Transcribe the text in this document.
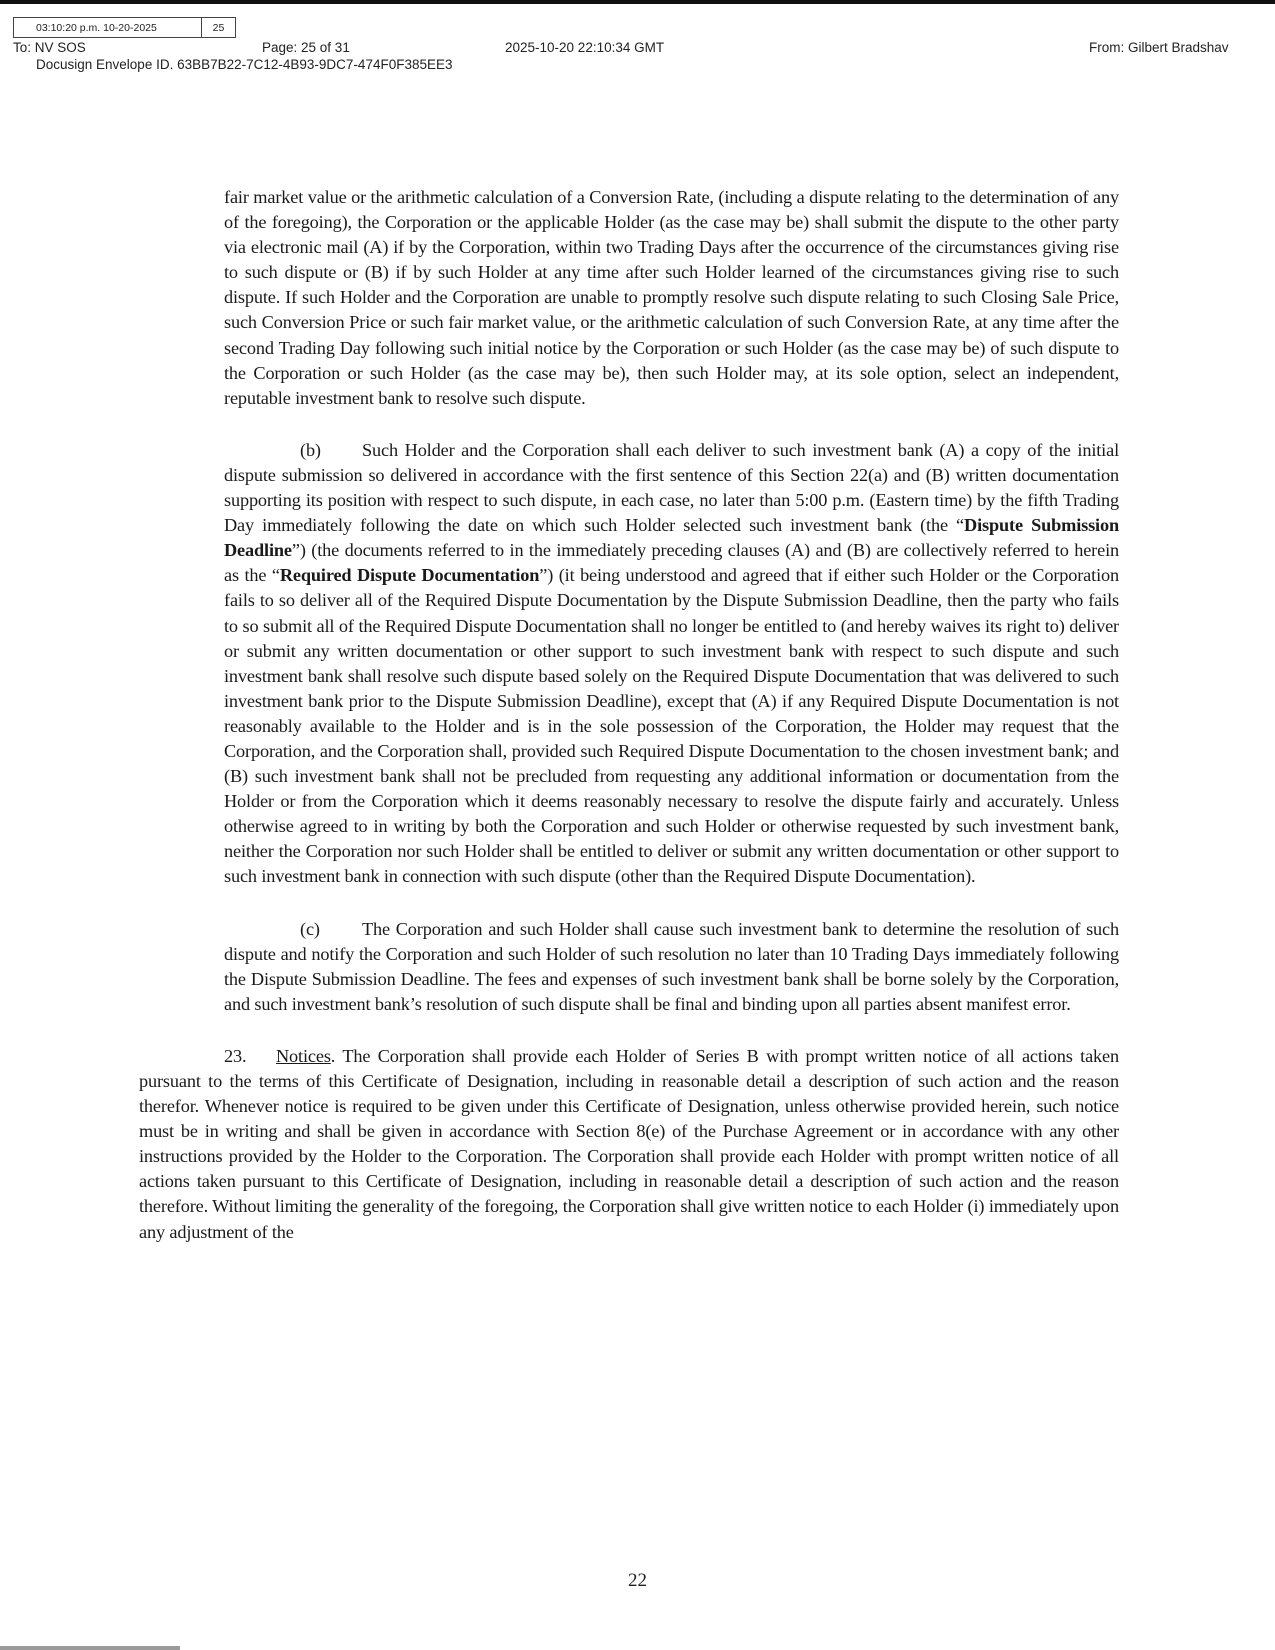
03:10:20 p.m. 10-20-2025	25
To: NV SOS	Page: 25 of 31	2025-10-20 22:10:34 GMT	From: Gilbert Bradshav
Docusign Envelope ID. 63BB7B22-7C12-4B93-9DC7-474F0F385EE3

fair market value or the arithmetic calculation of a Conversion Rate, (including a dispute relating to the determination of any of the foregoing), the Corporation or the applicable Holder (as the case may be) shall submit the dispute to the other party via electronic mail (A) if by the Corporation, within two Trading Days after the occurrence of the circumstances giving rise to such dispute or (B) if by such Holder at any time after such Holder learned of the circumstances giving rise to such dispute. If such Holder and the Corporation are unable to promptly resolve such dispute relating to such Closing Sale Price, such Conversion Price or such fair market value, or the arithmetic calculation of such Conversion Rate, at any time after the second Trading Day following such initial notice by the Corporation or such Holder (as the case may be) of such dispute to the Corporation or such Holder (as the case may be), then such Holder may, at its sole option, select an independent, reputable investment bank to resolve such dispute.

(b) Such Holder and the Corporation shall each deliver to such investment bank (A) a copy of the initial dispute submission so delivered in accordance with the first sentence of this Section 22(a) and (B) written documentation supporting its position with respect to such dispute, in each case, no later than 5:00 p.m. (Eastern time) by the fifth Trading Day immediately following the date on which such Holder selected such investment bank (the “Dispute Submission Deadline”) (the documents referred to in the immediately preceding clauses (A) and (B) are collectively referred to herein as the “Required Dispute Documentation”) (it being understood and agreed that if either such Holder or the Corporation fails to so deliver all of the Required Dispute Documentation by the Dispute Submission Deadline, then the party who fails to so submit all of the Required Dispute Documentation shall no longer be entitled to (and hereby waives its right to) deliver or submit any written documentation or other support to such investment bank with respect to such dispute and such investment bank shall resolve such dispute based solely on the Required Dispute Documentation that was delivered to such investment bank prior to the Dispute Submission Deadline), except that (A) if any Required Dispute Documentation is not reasonably available to the Holder and is in the sole possession of the Corporation, the Holder may request that the Corporation, and the Corporation shall, provided such Required Dispute Documentation to the chosen investment bank; and (B) such investment bank shall not be precluded from requesting any additional information or documentation from the Holder or from the Corporation which it deems reasonably necessary to resolve the dispute fairly and accurately. Unless otherwise agreed to in writing by both the Corporation and such Holder or otherwise requested by such investment bank, neither the Corporation nor such Holder shall be entitled to deliver or submit any written documentation or other support to such investment bank in connection with such dispute (other than the Required Dispute Documentation).

(c) The Corporation and such Holder shall cause such investment bank to determine the resolution of such dispute and notify the Corporation and such Holder of such resolution no later than 10 Trading Days immediately following the Dispute Submission Deadline. The fees and expenses of such investment bank shall be borne solely by the Corporation, and such investment bank’s resolution of such dispute shall be final and binding upon all parties absent manifest error.

23. Notices. The Corporation shall provide each Holder of Series B with prompt written notice of all actions taken pursuant to the terms of this Certificate of Designation, including in reasonable detail a description of such action and the reason therefor. Whenever notice is required to be given under this Certificate of Designation, unless otherwise provided herein, such notice must be in writing and shall be given in accordance with Section 8(e) of the Purchase Agreement or in accordance with any other instructions provided by the Holder to the Corporation. The Corporation shall provide each Holder with prompt written notice of all actions taken pursuant to this Certificate of Designation, including in reasonable detail a description of such action and the reason therefore. Without limiting the generality of the foregoing, the Corporation shall give written notice to each Holder (i) immediately upon any adjustment of the

22
